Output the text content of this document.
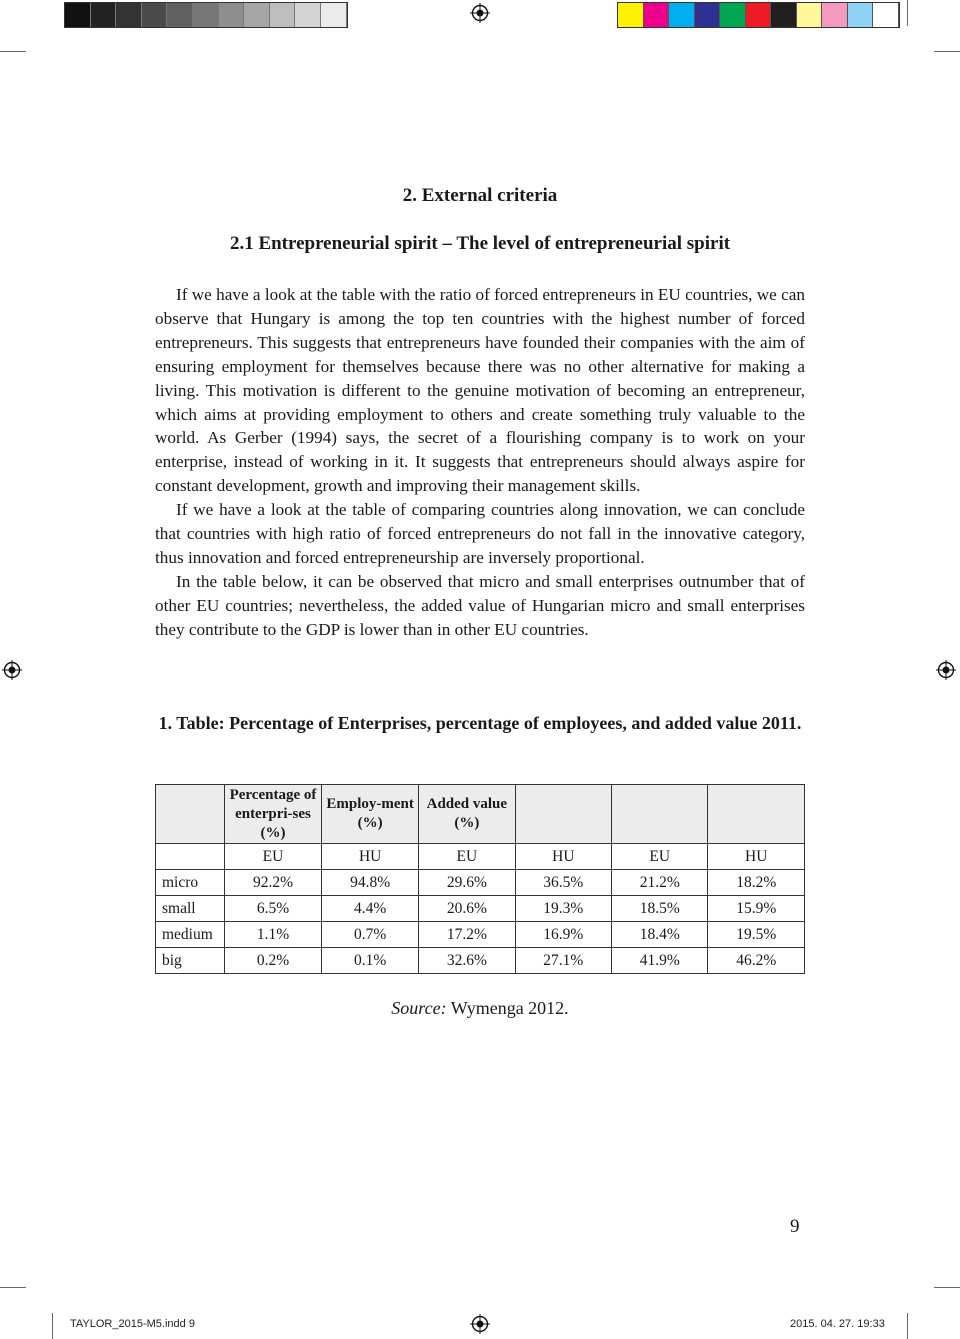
2. External criteria
2.1 Entrepreneurial spirit – The level of entrepreneurial spirit

If we have a look at the table with the ratio of forced entrepreneurs in EU countries, we can observe that Hungary is among the top ten countries with the highest number of forced entrepreneurs. This suggests that entrepreneurs have founded their companies with the aim of ensuring employment for themselves because there was no other alternative for making a living. This motivation is different to the genuine motivation of becoming an entrepreneur, which aims at providing employment to others and create something truly valuable to the world. As Gerber (1994) says, the secret of a flourishing company is to work on your enterprise, instead of working in it. It suggests that entrepreneurs should always aspire for constant development, growth and improving their management skills.

If we have a look at the table of comparing countries along innovation, we can conclude that countries with high ratio of forced entrepreneurs do not fall in the innovative category, thus innovation and forced entrepreneurship are inversely proportional.

In the table below, it can be observed that micro and small enterprises outnumber that of other EU countries; nevertheless, the added value of Hungarian micro and small enterprises they contribute to the GDP is lower than in other EU countries.

1. Table: Percentage of Enterprises, percentage of employees, and added value 2011.
	Percentage of enterpri-ses (%)	Employ-ment (%)	Added value (%)			
	EU	HU	EU	HU	EU	HU
micro	92.2%	94.8%	29.6%	36.5%	21.2%	18.2%
small	6.5%	4.4%	20.6%	19.3%	18.5%	15.9%
medium	1.1%	0.7%	17.2%	16.9%	18.4%	19.5%
big	0.2%	0.1%	32.6%	27.1%	41.9%	46.2%
Source: Wymenga 2012.
9
TAYLOR_2015-M5.indd 9	2015. 04. 27. 19:33
